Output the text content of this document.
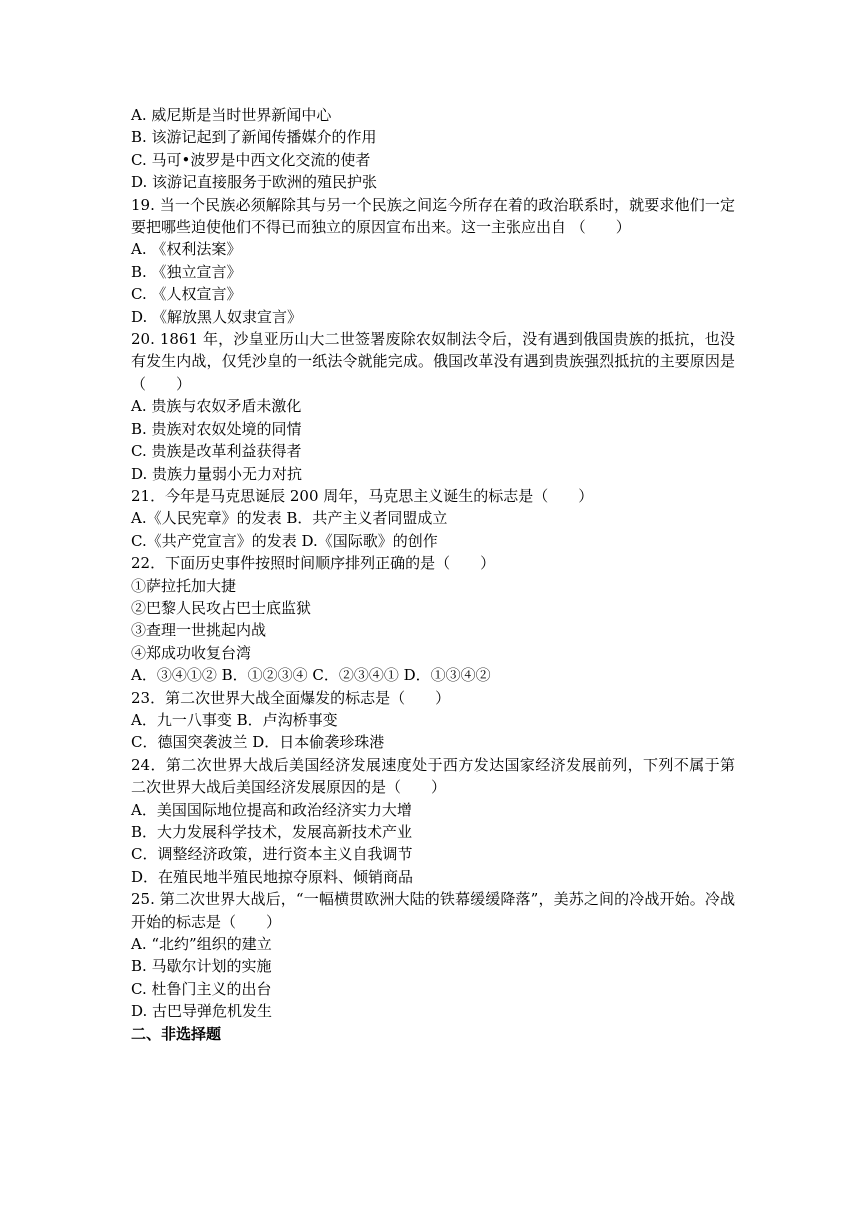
A. 威尼斯是当时世界新闻中心
B. 该游记起到了新闻传播媒介的作用
C. 马可•波罗是中西文化交流的使者
D. 该游记直接服务于欧洲的殖民护张
19. 当一个民族必须解除其与另一个民族之间迄今所存在着的政治联系时，就要求他们一定要把哪些迫使他们不得已而独立的原因宣布出来。这一主张应出自 （　　）
A. 《权利法案》
B. 《独立宣言》
C. 《人权宣言》
D. 《解放黑人奴隶宣言》
20. 1861 年，沙皇亚历山大二世签署废除农奴制法令后，没有遇到俄国贵族的抵抗，也没有发生内战，仅凭沙皇的一纸法令就能完成。俄国改革没有遇到贵族强烈抵抗的主要原因是（　　）
A. 贵族与农奴矛盾未激化
B. 贵族对农奴处境的同情
C. 贵族是改革利益获得者
D. 贵族力量弱小无力对抗
21．今年是马克思诞辰 200 周年，马克思主义诞生的标志是（　　）
A.《人民宪章》的发表 B．共产主义者同盟成立
C.《共产党宣言》的发表 D.《国际歌》的创作
22．下面历史事件按照时间顺序排列正确的是（　　）
①萨拉托加大捷
②巴黎人民攻占巴士底监狱
③查理一世挑起内战
④郑成功收复台湾
A．③④①② B．①②③④ C．②③④① D．①③④②
23．第二次世界大战全面爆发的标志是（　　）
A．九一八事变 B．卢沟桥事变
C．德国突袭波兰 D．日本偷袭珍珠港
24．第二次世界大战后美国经济发展速度处于西方发达国家经济发展前列，下列不属于第二次世界大战后美国经济发展原因的是（　　）
A．美国国际地位提高和政治经济实力大增
B．大力发展科学技术，发展高新技术产业
C．调整经济政策，进行资本主义自我调节
D．在殖民地半殖民地掠夺原料、倾销商品
25. 第二次世界大战后，“一幅横贯欧洲大陆的铁幕缓缓降落”，美苏之间的冷战开始。冷战开始的标志是（　　）
A. “北约”组织的建立
B. 马歇尔计划的实施
C. 杜鲁门主义的出台
D. 古巴导弹危机发生
二、非选择题
